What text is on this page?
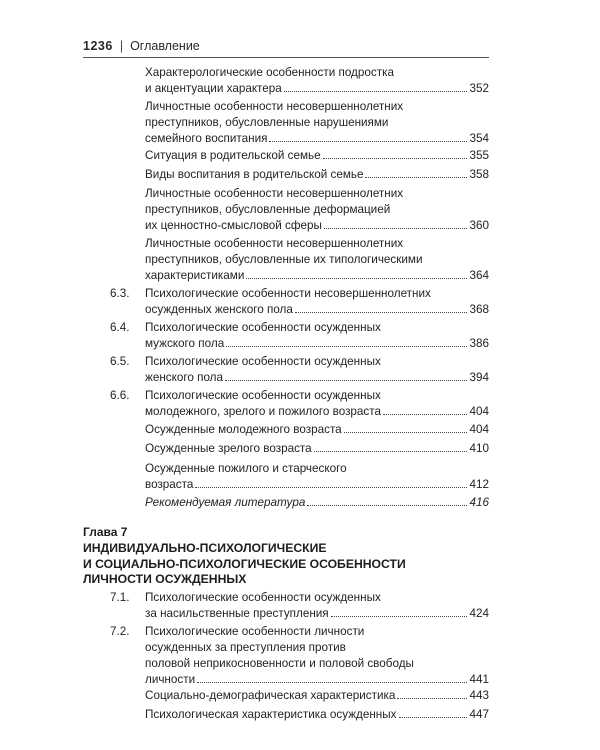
1236 | Оглавление
Характерологические особенности подростка
и акцентуации характера	352
Личностные особенности несовершеннолетних
преступников, обусловленные нарушениями
семейного воспитания	354
Ситуация в родительской семье	355
Виды воспитания в родительской семье	358
Личностные особенности несовершеннолетних
преступников, обусловленные деформацией
их ценностно-смысловой сферы	360
Личностные особенности несовершеннолетних
преступников, обусловленные их типологическими
характеристиками	364
6.3. Психологические особенности несовершеннолетних
осужденных женского пола	368
6.4. Психологические особенности осужденных
мужского пола	386
6.5. Психологические особенности осужденных
женского пола	394
6.6. Психологические особенности осужденных
молодежного, зрелого и пожилого возраста	404
Осужденные молодежного возраста	404
Осужденные зрелого возраста	410
Осужденные пожилого и старческого
возраста	412
Рекомендуемая литература	416
7.1. Психологические особенности осужденных
за насильственные преступления	424
7.2. Психологические особенности личности
осужденных за преступления против
половой неприкосновенности и половой свободы
личности	441
Социально-демографическая характеристика	443
Психологическая характеристика осужденных	447
Глава 7
ИНДИВИДУАЛЬНО-ПСИХОЛОГИЧЕСКИЕ
И СОЦИАЛЬНО-ПСИХОЛОГИЧЕСКИЕ ОСОБЕННОСТИ
ЛИЧНОСТИ ОСУЖДЕННЫХ
